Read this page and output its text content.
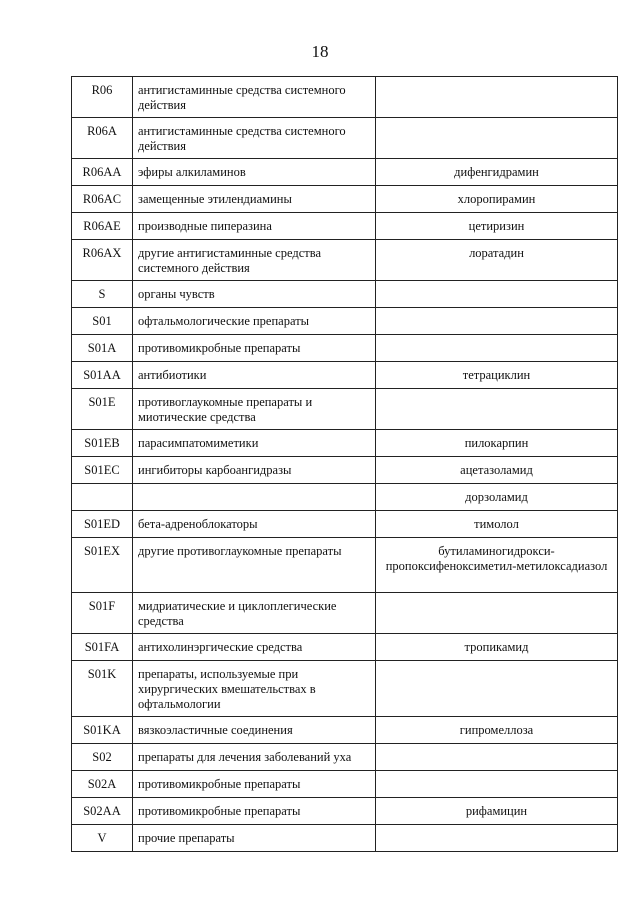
18
R06	антигистаминные средства системного действия	
R06A	антигистаминные средства системного действия	
R06AA	эфиры алкиламинов	дифенгидрамин
R06AC	замещенные этилендиамины	хлоропирамин
R06AE	производные пиперазина	цетиризин
R06AX	другие антигистаминные средства системного действия	лоратадин
S	органы чувств	
S01	офтальмологические препараты	
S01A	противомикробные препараты	
S01AA	антибиотики	тетрациклин
S01E	противоглаукомные препараты и миотические средства	
S01EB	парасимпатомиметики	пилокарпин
S01EC	ингибиторы карбоангидразы	ацетазоламид
		дорзоламид
S01ED	бета-адреноблокаторы	тимолол
S01EX	другие противоглаукомные препараты	бутиламиногидрокси-пропоксифеноксиметил-метилоксадиазол
S01F	мидриатические и циклоплегические средства	
S01FA	антихолинэргические средства	тропикамид
S01K	препараты, используемые при хирургических вмешательствах в офтальмологии	
S01KA	вязкоэластичные соединения	гипромеллоза
S02	препараты для лечения заболеваний уха	
S02A	противомикробные препараты	
S02AA	противомикробные препараты	рифамицин
V	прочие препараты	
